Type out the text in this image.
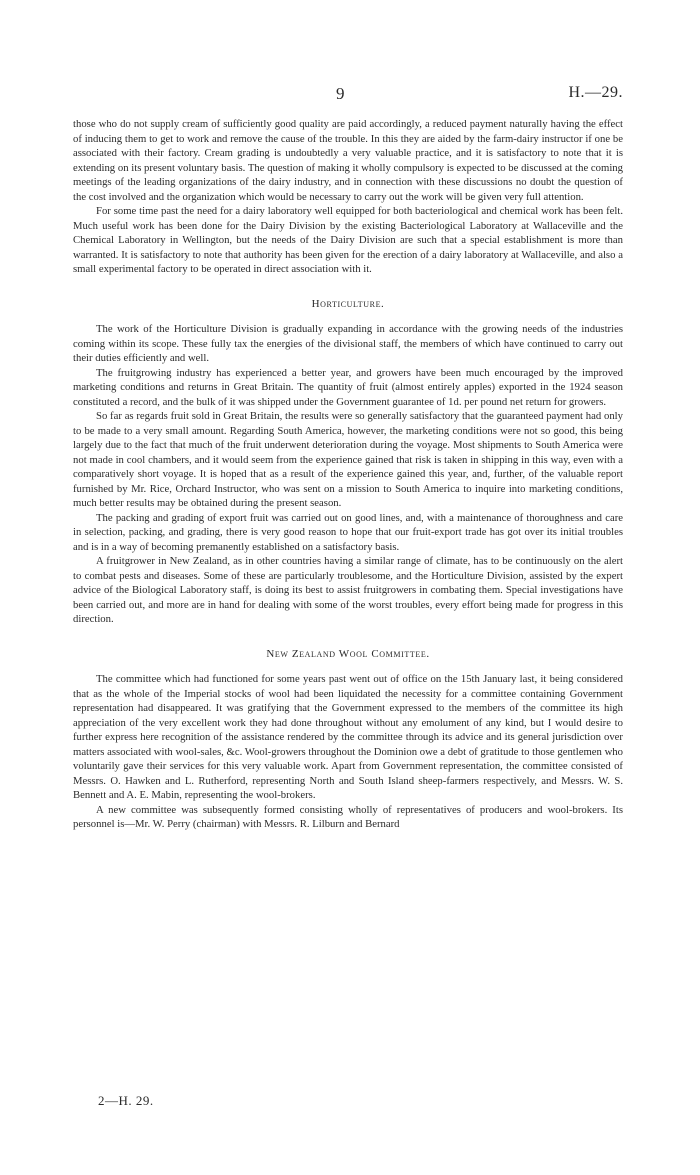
9	H.—29.

those who do not supply cream of sufficiently good quality are paid accordingly, a reduced payment naturally having the effect of inducing them to get to work and remove the cause of the trouble. In this they are aided by the farm-dairy instructor if one be associated with their factory. Cream grading is undoubtedly a very valuable practice, and it is satisfactory to note that it is extending on its present voluntary basis. The question of making it wholly compulsory is expected to be discussed at the coming meetings of the leading organizations of the dairy industry, and in connection with these discussions no doubt the question of the cost involved and the organization which would be necessary to carry out the work will be given very full attention.

For some time past the need for a dairy laboratory well equipped for both bacteriological and chemical work has been felt. Much useful work has been done for the Dairy Division by the existing Bacteriological Laboratory at Wallaceville and the Chemical Laboratory in Wellington, but the needs of the Dairy Division are such that a special establishment is more than warranted. It is satisfactory to note that authority has been given for the erection of a dairy laboratory at Wallaceville, and also a small experimental factory to be operated in direct association with it.

Horticulture.

The work of the Horticulture Division is gradually expanding in accordance with the growing needs of the industries coming within its scope. These fully tax the energies of the divisional staff, the members of which have continued to carry out their duties efficiently and well.

The fruitgrowing industry has experienced a better year, and growers have been much encouraged by the improved marketing conditions and returns in Great Britain. The quantity of fruit (almost entirely apples) exported in the 1924 season constituted a record, and the bulk of it was shipped under the Government guarantee of 1d. per pound net return for growers.

So far as regards fruit sold in Great Britain, the results were so generally satisfactory that the guaranteed payment had only to be made to a very small amount. Regarding South America, however, the marketing conditions were not so good, this being largely due to the fact that much of the fruit underwent deterioration during the voyage. Most shipments to South America were not made in cool chambers, and it would seem from the experience gained that risk is taken in shipping in this way, even with a comparatively short voyage. It is hoped that as a result of the experience gained this year, and, further, of the valuable report furnished by Mr. Rice, Orchard Instructor, who was sent on a mission to South America to inquire into marketing conditions, much better results may be obtained during the present season.

The packing and grading of export fruit was carried out on good lines, and, with a maintenance of thoroughness and care in selection, packing, and grading, there is very good reason to hope that our fruit-export trade has got over its initial troubles and is in a way of becoming premanently established on a satisfactory basis.

A fruitgrower in New Zealand, as in other countries having a similar range of climate, has to be continuously on the alert to combat pests and diseases. Some of these are particularly troublesome, and the Horticulture Division, assisted by the expert advice of the Biological Laboratory staff, is doing its best to assist fruitgrowers in combating them. Special investigations have been carried out, and more are in hand for dealing with some of the worst troubles, every effort being made for progress in this direction.

New Zealand Wool Committee.

The committee which had functioned for some years past went out of office on the 15th January last, it being considered that as the whole of the Imperial stocks of wool had been liquidated the necessity for a committee containing Government representation had disappeared. It was gratifying that the Government expressed to the members of the committee its high appreciation of the very excellent work they had done throughout without any emolument of any kind, but I would desire to further express here recognition of the assistance rendered by the committee through its advice and its general jurisdiction over matters associated with wool-sales, &c. Wool-growers throughout the Dominion owe a debt of gratitude to those gentlemen who voluntarily gave their services for this very valuable work. Apart from Government representation, the committee consisted of Messrs. O. Hawken and L. Rutherford, representing North and South Island sheep-farmers respectively, and Messrs. W. S. Bennett and A. E. Mabin, representing the wool-brokers.

A new committee was subsequently formed consisting wholly of representatives of producers and wool-brokers. Its personnel is—Mr. W. Perry (chairman) with Messrs. R. Lilburn and Bernard

2—H. 29.
